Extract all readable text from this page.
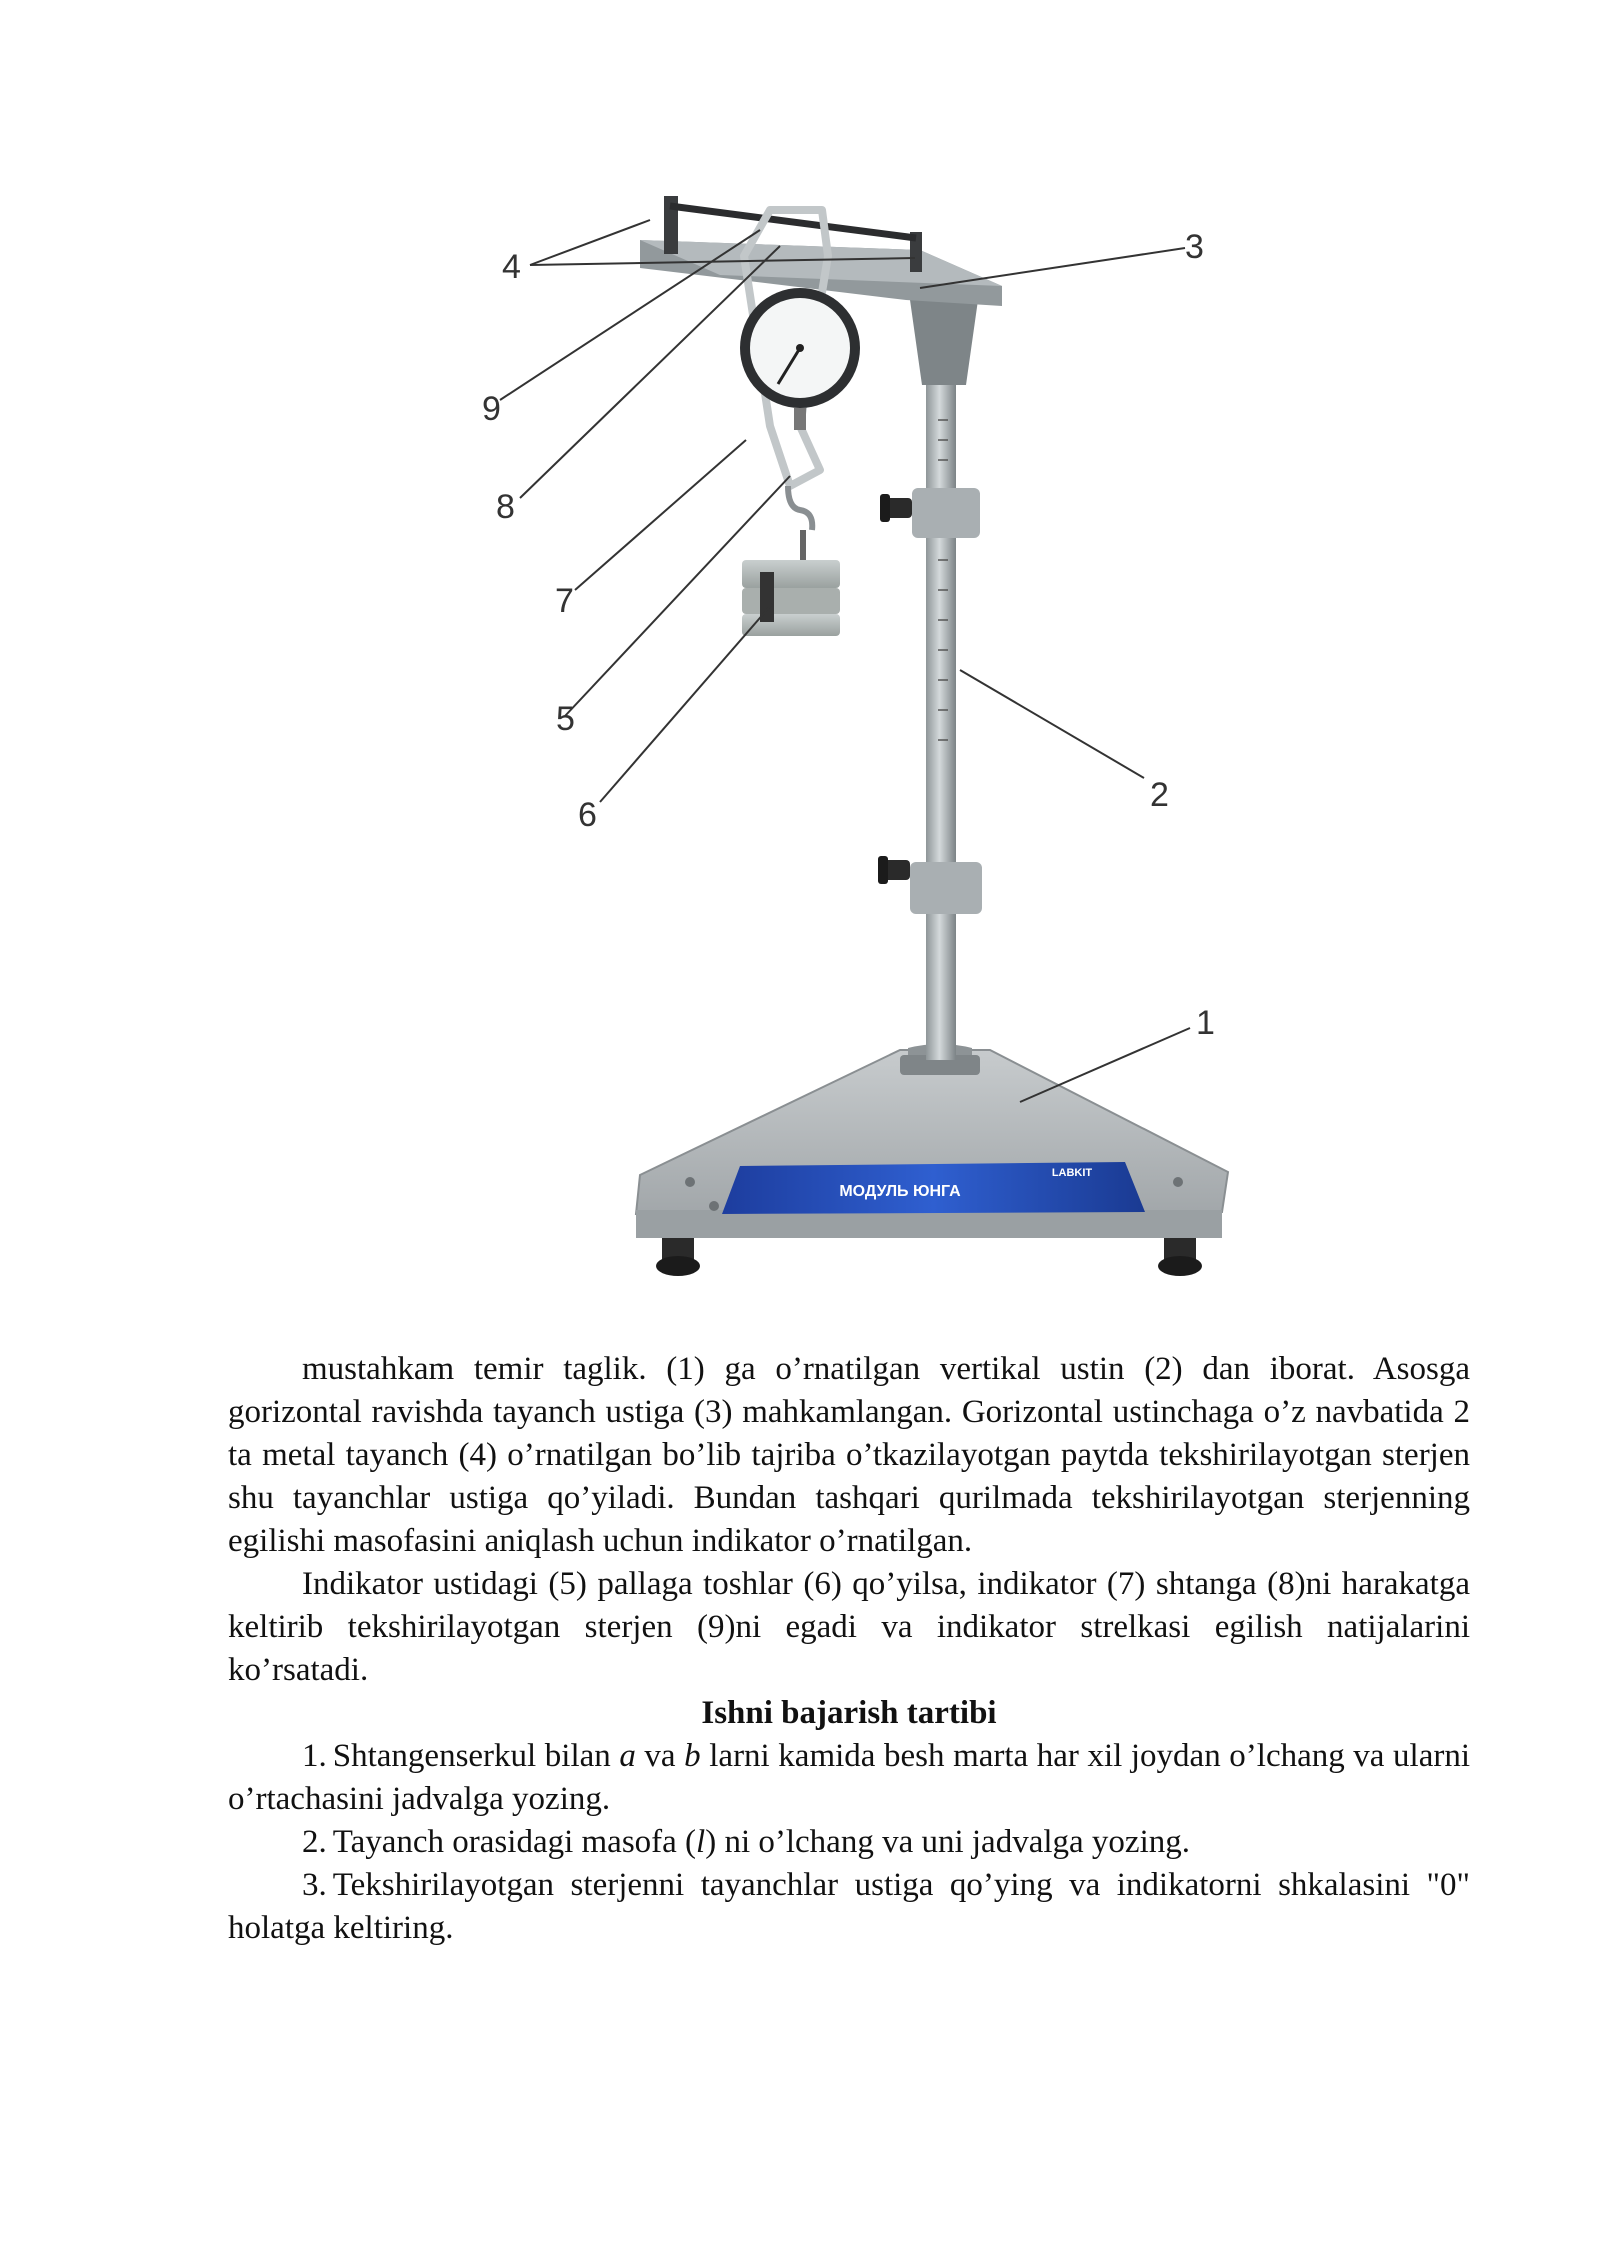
МОДУЛЬ ЮНГА
LABKIT
1
2
3
4
5
6
7
8
9

mustahkam temir taglik. (1) ga o’rnatilgan vertikal ustin (2) dan iborat. Asosga gorizontal ravishda tayanch ustiga (3) mahkamlangan. Gorizontal ustinchaga o’z navbatida 2 ta metal tayanch (4) o’rnatilgan bo’lib tajriba o’tkazilayotgan paytda tekshirilayotgan sterjen shu tayanchlar ustiga qo’yiladi. Bundan tashqari qurilmada tekshirilayotgan sterjenning egilishi masofasini aniqlash uchun indikator o’rnatilgan.

Indikator ustidagi (5) pallaga toshlar (6) qo’yilsa, indikator (7) shtanga (8)ni harakatga keltirib tekshirilayotgan sterjen (9)ni egadi va indikator strelkasi egilish natijalarini ko’rsatadi.

Ishni bajarish tartibi

1. Shtangenserkul bilan a va b larni kamida besh marta har xil joydan o’lchang va ularni o’rtachasini jadvalga yozing.

2. Tayanch orasidagi masofa (l) ni o’lchang va uni jadvalga yozing.

3. Tekshirilayotgan sterjenni tayanchlar ustiga qo’ying va indikatorni shkalasini "0" holatga keltiring.
